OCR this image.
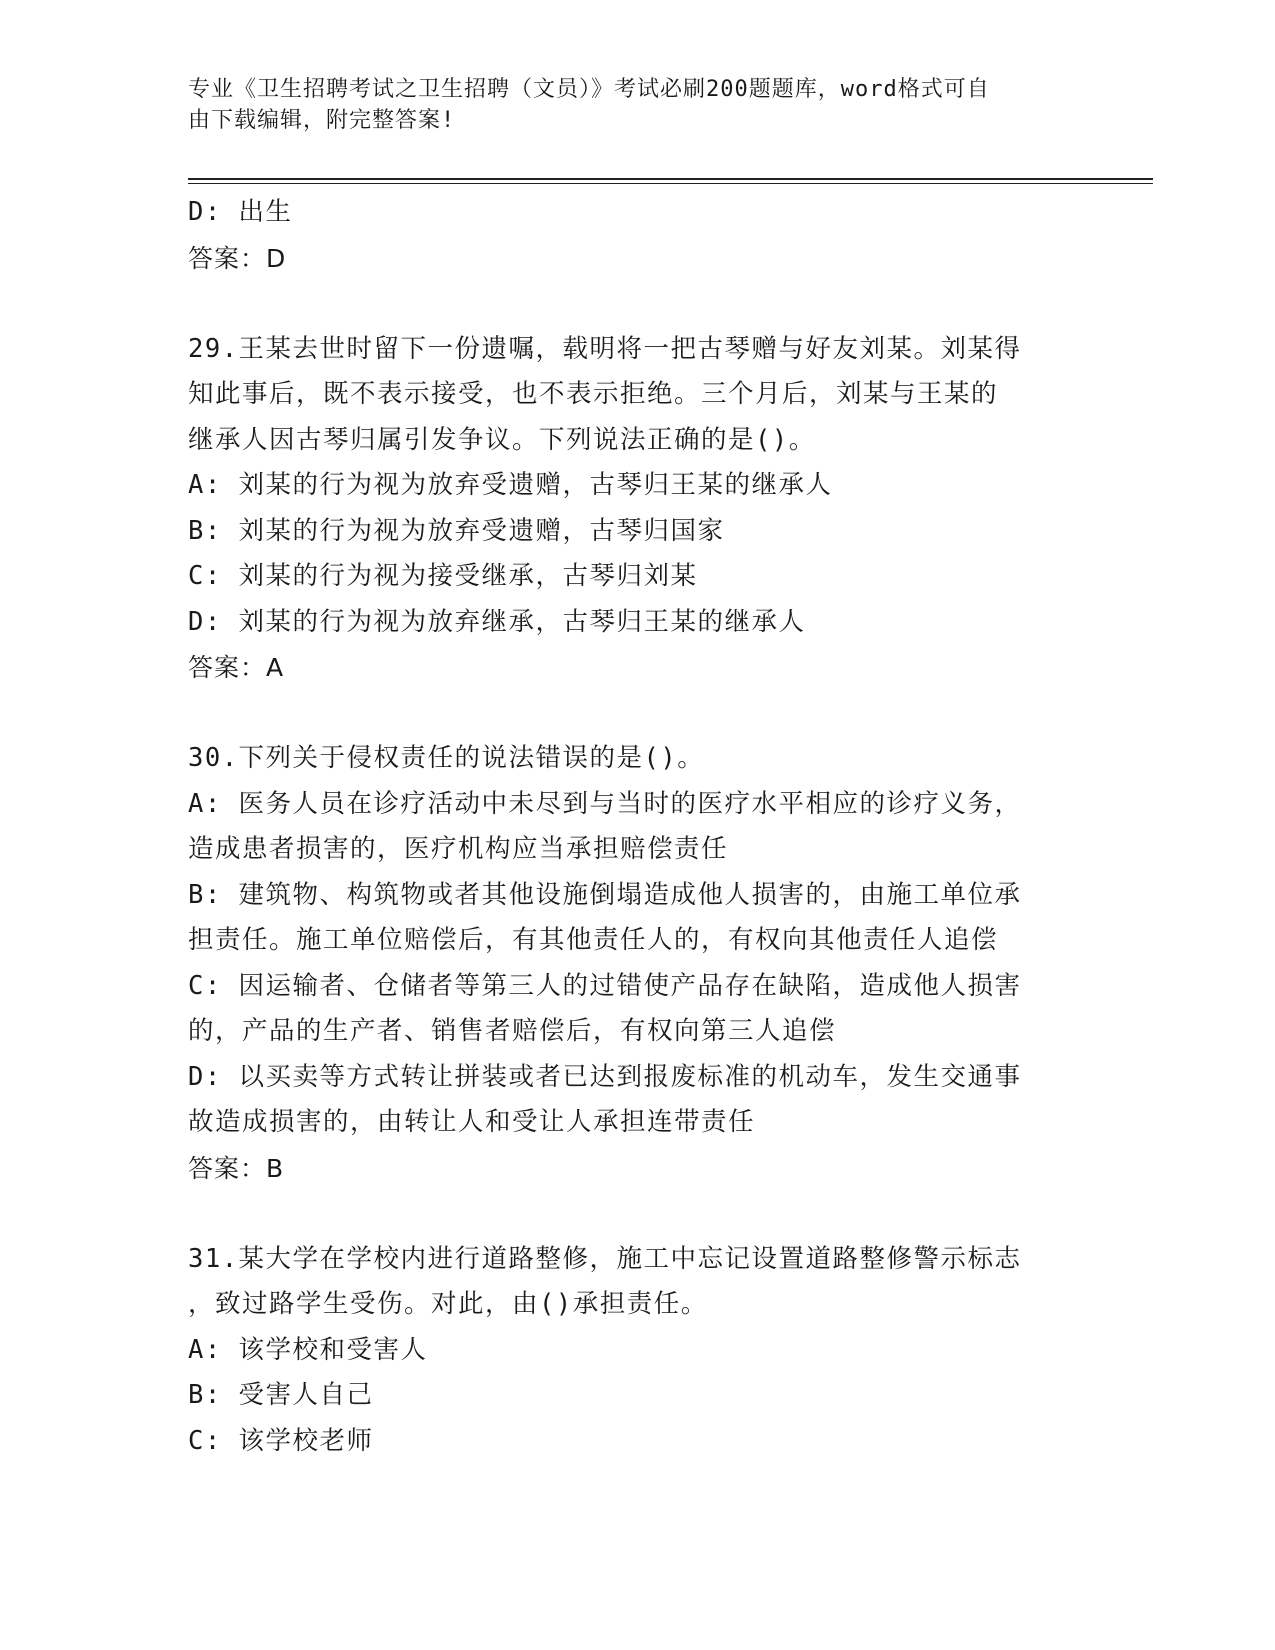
专业《卫生招聘考试之卫生招聘（文员）》考试必刷200题题库，word格式可自
由下载编辑，附完整答案!
D: 出生
答案：D
29.王某去世时留下一份遗嘱，载明将一把古琴赠与好友刘某。刘某得
知此事后，既不表示接受，也不表示拒绝。三个月后，刘某与王某的
继承人因古琴归属引发争议。下列说法正确的是()。
A: 刘某的行为视为放弃受遗赠，古琴归王某的继承人
B: 刘某的行为视为放弃受遗赠，古琴归国家
C: 刘某的行为视为接受继承，古琴归刘某
D: 刘某的行为视为放弃继承，古琴归王某的继承人
答案：A
30.下列关于侵权责任的说法错误的是()。
A: 医务人员在诊疗活动中未尽到与当时的医疗水平相应的诊疗义务，
造成患者损害的，医疗机构应当承担赔偿责任
B: 建筑物、构筑物或者其他设施倒塌造成他人损害的，由施工单位承
担责任。施工单位赔偿后，有其他责任人的，有权向其他责任人追偿
C: 因运输者、仓储者等第三人的过错使产品存在缺陷，造成他人损害
的，产品的生产者、销售者赔偿后，有权向第三人追偿
D: 以买卖等方式转让拼装或者已达到报废标准的机动车，发生交通事
故造成损害的，由转让人和受让人承担连带责任
答案：B
31.某大学在学校内进行道路整修，施工中忘记设置道路整修警示标志
，致过路学生受伤。对此，由()承担责任。
A: 该学校和受害人
B: 受害人自己
C: 该学校老师
